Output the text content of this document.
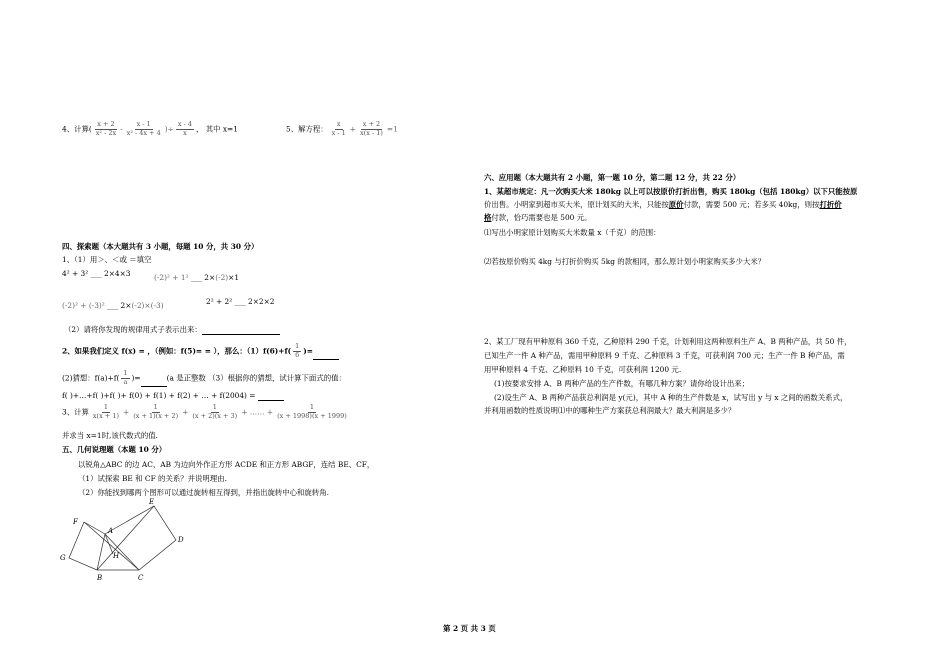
4、计算( $\frac{x + 2}{\text{x² - 2x}} - \frac{x - 1}{\text{x² - 4x + 4}}$ )÷ $\frac{x - 4}{x}$ ， 其中 x=1	5、解方程： $\frac{x}{x - 1} + \frac{x + 2}{x(x - 1)} =1$
四、探索题（本大题共有 3 小题，每题 10 分，共 30 分）
1、（1）用＞、＜或 ＝填空
4² + 3² ___ 2×4×3	(-2)² + 1² ___ 2×(-2)×1
(-2)² + (-3)² ___ 2×(-2)×(-3)	2² + 2² ___ 2×2×2
（2）请将你发现的规律用式子表示出来：
2、如果我们定义 f(x) = ，（例如：f(5)= = ），那么：$(1)f(6)+f( \frac{1}{6}$ )=
(2)猜想：$f(a)+f( \frac{1}{a}$ )=	(a 是正整数 （3）根据你的猜想，试计算下面式的值：
f( )+…+f( )+f( )+ f(0) + f(1) + f(2) + … + f(2004) =
3、计算 $\frac{1}{x(x + 1)} + \frac{1}{(x + 1)(x + 2)} + \frac{1}{(x + 2)(x + 3)}$ + …… + $\frac{1}{(x + 1998)(x + 1999)}$
并求当 x=1时,该代数式的值.
五、几何说理题（本题 10 分）
以锐角△ABC 的边 AC、AB 为边向外作正方形 ACDE 和正方形 ABGF，连结 BE、CF，
（1）试探索 BE 和 CF 的关系？并说明理由.
（2）你能找到哪两个图形可以通过旋转相互得到，并指出旋转中心和旋转角.
E
F
A
D
G	H
B	C
六、应用题（本大题共有 2 小题，第一题 10 分，第二题 12 分，共 22 分）
1、某超市规定：凡一次购买大米 180kg 以上可以按原价打折出售，购买 180kg（包括 180kg）以下只能按原
价出售。小明家到超市买大米，原计划买的大米，只能按原价付款，需要 500 元；若多买 40kg，则按打折价
格付款，恰巧需要也是 500 元。
⑴写出小明家原计划购买大米数量 x（千克）的范围：
⑵若按原价购买 4kg 与打折价购买 5kg 的款相同，那么原计划小明家购买多少大米？
2、某工厂现有甲种原料 360 千克，乙种原料 290 千克，计划利用这两种原料生产 A、B 两种产品，共 50 件，
已知生产一件 A 种产品，需用甲种原料 9 千克、乙种原料 3 千克，可获利润 700 元；生产一件 B 种产品，需
用甲种原料 4 千克、乙种原料 10 千克，可获利润 1200 元.
(1)按要求安排 A、B 两种产品的生产件数，有哪几种方案？请你给设计出来；
(2)设生产 A、B 两种产品获总利润是 y(元)，其中 A 种的生产件数是 x，试写出 y 与 x 之间的函数关系式，
并利用函数的性质说明⑴中的哪种生产方案获总利润最大？最大利润是多少？
第 2 页 共 3 页
